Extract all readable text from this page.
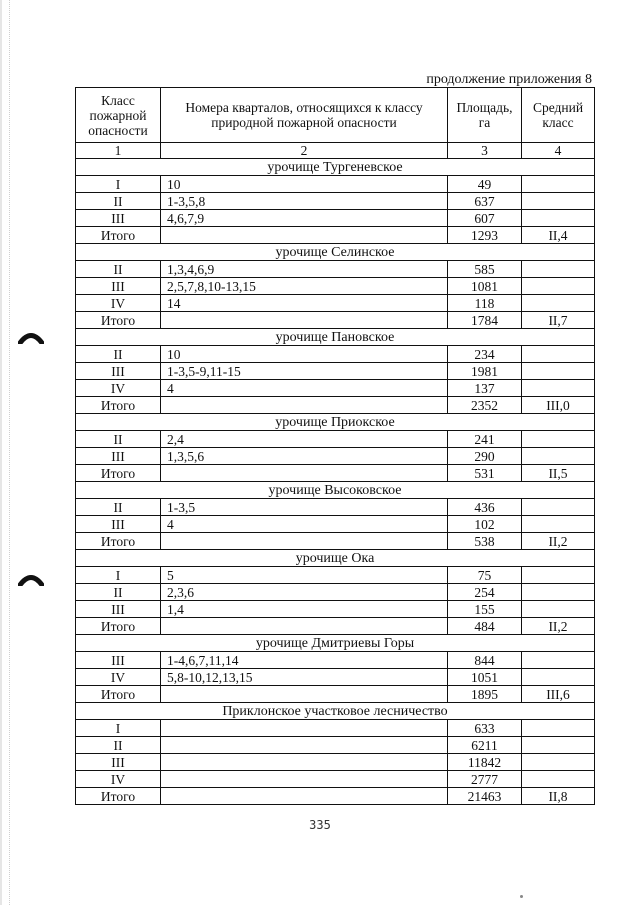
продолжение приложения 8
Класс пожарной опасности	Номера кварталов, относящихся к классу природной пожарной опасности	Площадь, га	Средний класс
1	2	3	4
урочище Тургеневское			
I	10	49	
II	1-3,5,8	637	
III	4,6,7,9	607	
Итого		1293	II,4
урочище Селинское			
II	1,3,4,6,9	585	
III	2,5,7,8,10-13,15	1081	
IV	14	118	
Итого		1784	II,7
урочище Пановское			
II	10	234	
III	1-3,5-9,11-15	1981	
IV	4	137	
Итого		2352	III,0
урочище Приокское			
II	2,4	241	
III	1,3,5,6	290	
Итого		531	II,5
урочище Высоковское			
II	1-3,5	436	
III	4	102	
Итого		538	II,2
урочище Ока			
I	5	75	
II	2,3,6	254	
III	1,4	155	
Итого		484	II,2
урочище Дмитриевы Горы			
III	1-4,6,7,11,14	844	
IV	5,8-10,12,13,15	1051	
Итого		1895	III,6
Приклонское участковое лесничество			
I		633	
II		6211	
III		11842	
IV		2777	
Итого		21463	II,8
335
